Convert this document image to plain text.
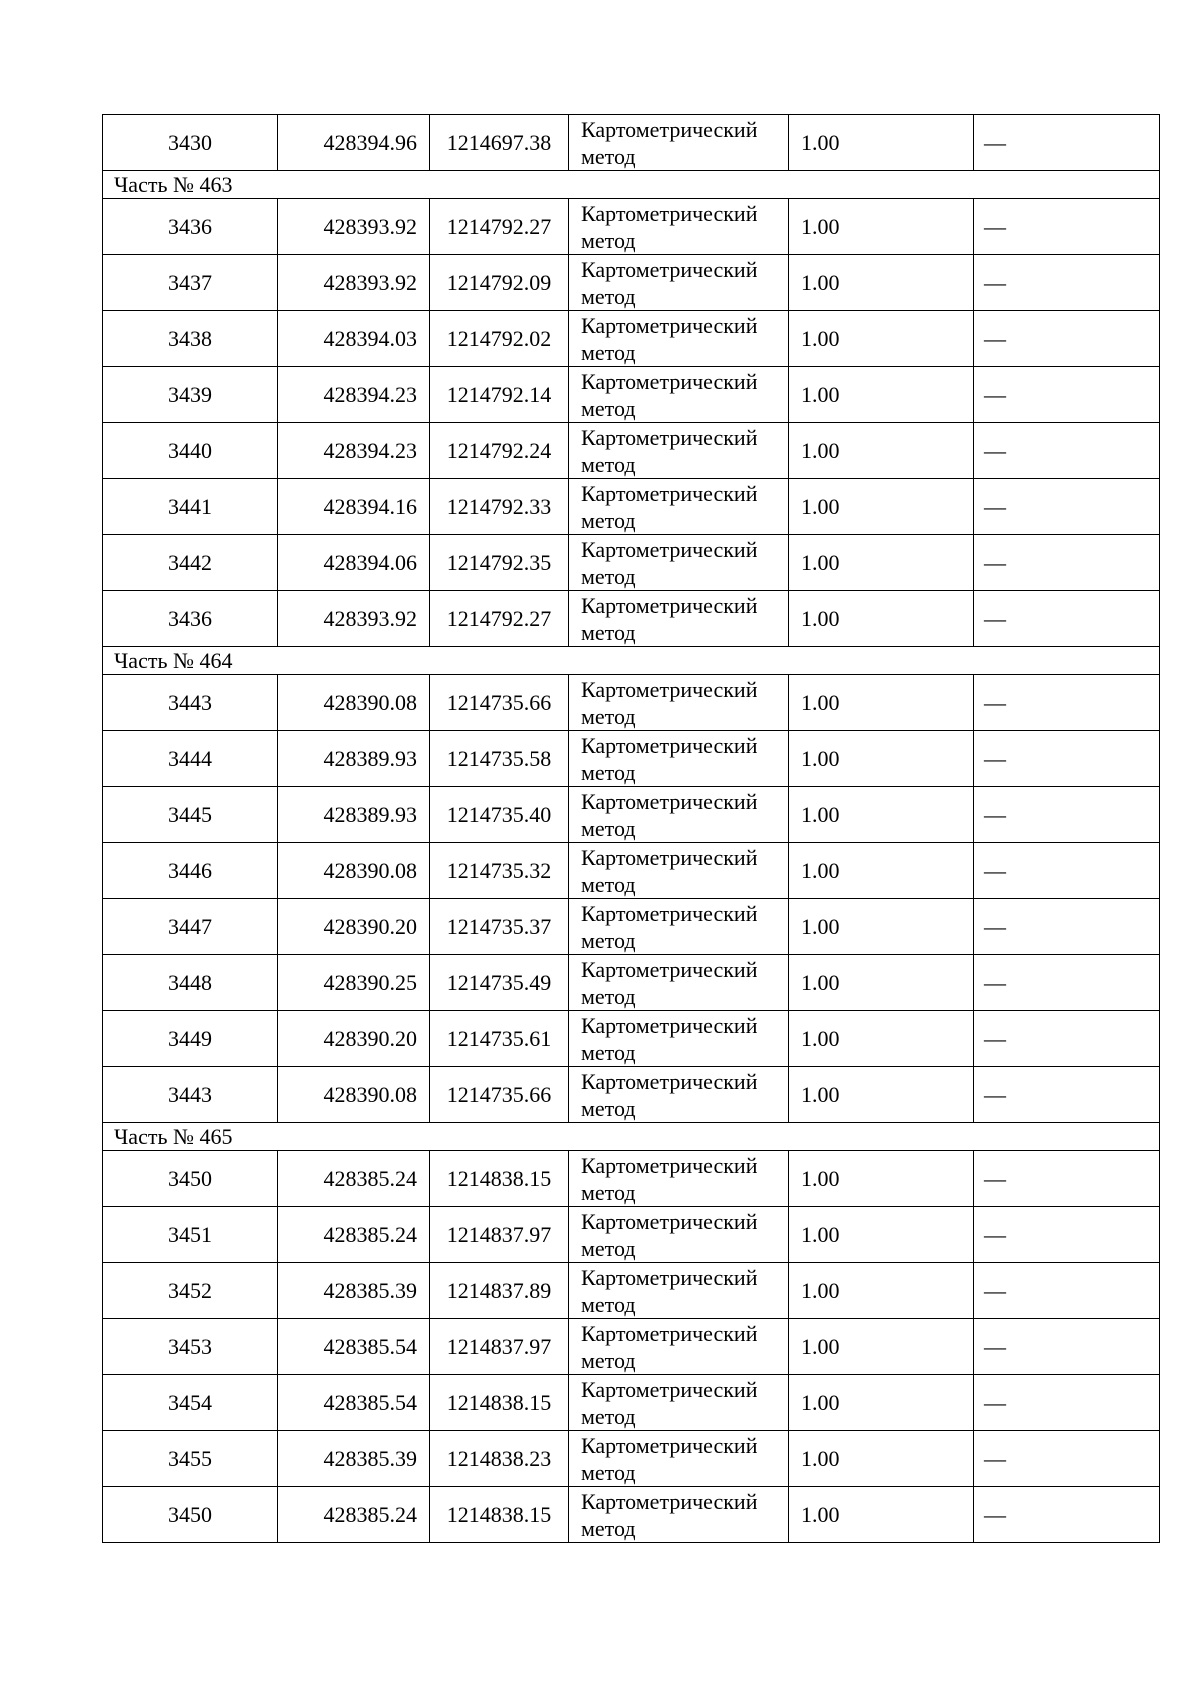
3430	428394.96	1214697.38	Картометрический
метод	1.00	—
Часть № 463					
3436	428393.92	1214792.27	Картометрический
метод	1.00	—
3437	428393.92	1214792.09	Картометрический
метод	1.00	—
3438	428394.03	1214792.02	Картометрический
метод	1.00	—
3439	428394.23	1214792.14	Картометрический
метод	1.00	—
3440	428394.23	1214792.24	Картометрический
метод	1.00	—
3441	428394.16	1214792.33	Картометрический
метод	1.00	—
3442	428394.06	1214792.35	Картометрический
метод	1.00	—
3436	428393.92	1214792.27	Картометрический
метод	1.00	—
Часть № 464					
3443	428390.08	1214735.66	Картометрический
метод	1.00	—
3444	428389.93	1214735.58	Картометрический
метод	1.00	—
3445	428389.93	1214735.40	Картометрический
метод	1.00	—
3446	428390.08	1214735.32	Картометрический
метод	1.00	—
3447	428390.20	1214735.37	Картометрический
метод	1.00	—
3448	428390.25	1214735.49	Картометрический
метод	1.00	—
3449	428390.20	1214735.61	Картометрический
метод	1.00	—
3443	428390.08	1214735.66	Картометрический
метод	1.00	—
Часть № 465					
3450	428385.24	1214838.15	Картометрический
метод	1.00	—
3451	428385.24	1214837.97	Картометрический
метод	1.00	—
3452	428385.39	1214837.89	Картометрический
метод	1.00	—
3453	428385.54	1214837.97	Картометрический
метод	1.00	—
3454	428385.54	1214838.15	Картометрический
метод	1.00	—
3455	428385.39	1214838.23	Картометрический
метод	1.00	—
3450	428385.24	1214838.15	Картометрический
метод	1.00	—
